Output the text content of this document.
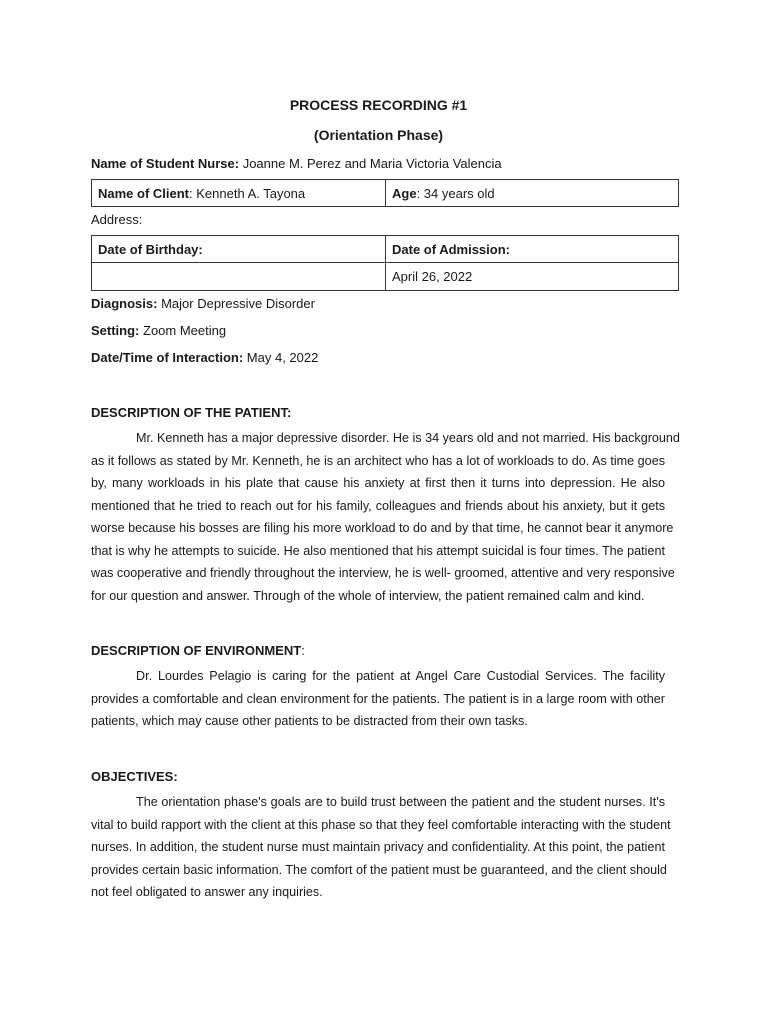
PROCESS RECORDING #1
(Orientation Phase)
Name of Student Nurse: Joanne M. Perez and Maria Victoria Valencia
Name of Client: Kenneth A. Tayona	Age: 34 years old
Address:
Date of Birthday:	Date of Admission:
	April 26, 2022
Diagnosis: Major Depressive Disorder
Setting: Zoom Meeting
Date/Time of Interaction: May 4, 2022
DESCRIPTION OF THE PATIENT:
Mr. Kenneth has a major depressive disorder. He is 34 years old and not married. His background
as it follows as stated by Mr. Kenneth, he is an architect who has a lot of workloads to do. As time goes
by, many workloads in his plate that cause his anxiety at first then it turns into depression. He also
mentioned that he tried to reach out for his family, colleagues and friends about his anxiety, but it gets
worse because his bosses are filing his more workload to do and by that time, he cannot bear it anymore
that is why he attempts to suicide. He also mentioned that his attempt suicidal is four times. The patient
was cooperative and friendly throughout the interview, he is well- groomed, attentive and very responsive
for our question and answer. Through of the whole of interview, the patient remained calm and kind.
DESCRIPTION OF ENVIRONMENT:
Dr. Lourdes Pelagio is caring for the patient at Angel Care Custodial Services. The facility
provides a comfortable and clean environment for the patients. The patient is in a large room with other
patients, which may cause other patients to be distracted from their own tasks.
OBJECTIVES:
The orientation phase's goals are to build trust between the patient and the student nurses. It's
vital to build rapport with the client at this phase so that they feel comfortable interacting with the student
nurses. In addition, the student nurse must maintain privacy and confidentiality. At this point, the patient
provides certain basic information. The comfort of the patient must be guaranteed, and the client should
not feel obligated to answer any inquiries.
